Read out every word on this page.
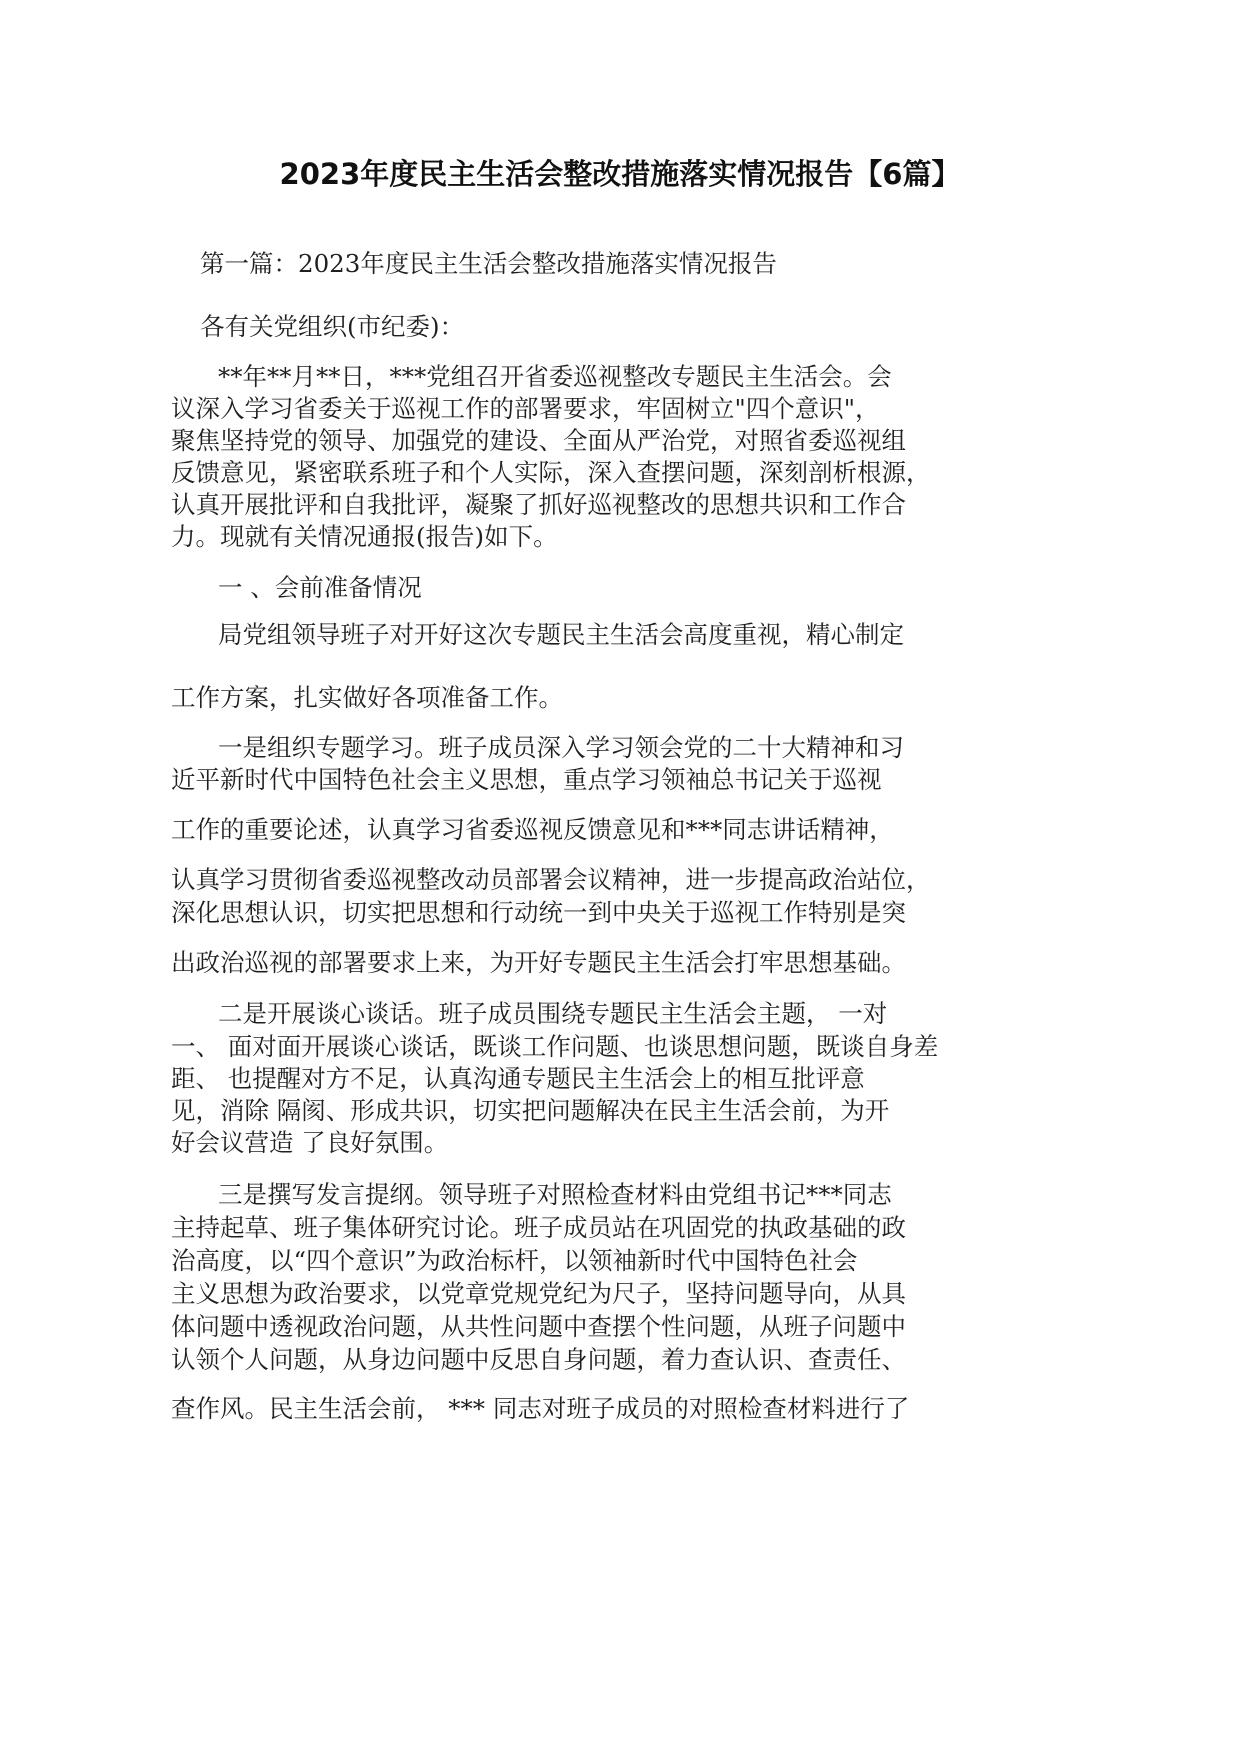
2023年度民主生活会整改措施落实情况报告【6篇】
第一篇：2023年度民主生活会整改措施落实情况报告
各有关党组织(市纪委)：
**年**月**日，***党组召开省委巡视整改专题民主生活会。会
议深入学习省委关于巡视工作的部署要求，牢固树立"四个意识"，
聚焦坚持党的领导、加强党的建设、全面从严治党，对照省委巡视组
反馈意见，紧密联系班子和个人实际，深入查摆问题，深刻剖析根源，
认真开展批评和自我批评，凝聚了抓好巡视整改的思想共识和工作合
力。现就有关情况通报(报告)如下。
一 、会前准备情况
局党组领导班子对开好这次专题民主生活会高度重视，精心制定
工作方案，扎实做好各项准备工作。
一是组织专题学习。班子成员深入学习领会党的二十大精神和习
近平新时代中国特色社会主义思想，重点学习领袖总书记关于巡视
工作的重要论述，认真学习省委巡视反馈意见和***同志讲话精神，
认真学习贯彻省委巡视整改动员部署会议精神，进一步提高政治站位，
深化思想认识，切实把思想和行动统一到中央关于巡视工作特别是突
出政治巡视的部署要求上来，为开好专题民主生活会打牢思想基础。
二是开展谈心谈话。班子成员围绕专题民主生活会主题， 一对
一、 面对面开展谈心谈话，既谈工作问题、也谈思想问题，既谈自身差
距、 也提醒对方不足，认真沟通专题民主生活会上的相互批评意
见，消除 隔阂、形成共识，切实把问题解决在民主生活会前，为开
好会议营造 了良好氛围。
三是撰写发言提纲。领导班子对照检查材料由党组书记***同志
主持起草、班子集体研究讨论。班子成员站在巩固党的执政基础的政
治高度，以“四个意识”为政治标杆，以领袖新时代中国特色社会
主义思想为政治要求，以党章党规党纪为尺子，坚持问题导向，从具
体问题中透视政治问题，从共性问题中查摆个性问题，从班子问题中
认领个人问题，从身边问题中反思自身问题，着力查认识、查责任、
查作风。民主生活会前， *** 同志对班子成员的对照检查材料进行了
